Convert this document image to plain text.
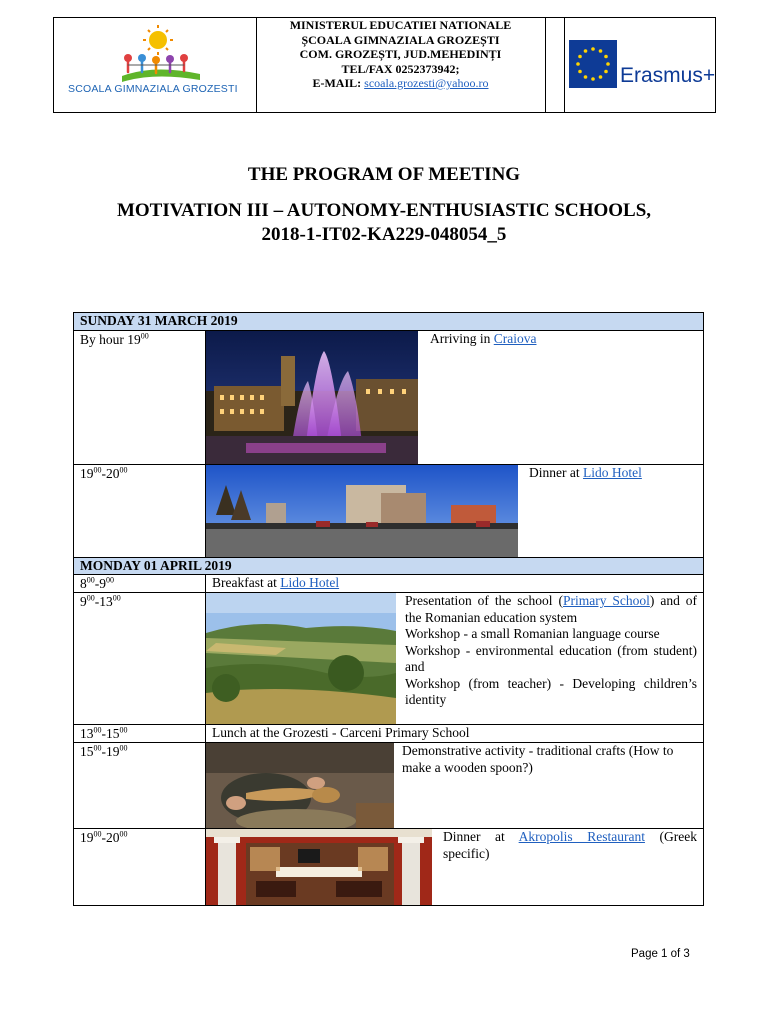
SCOALA GIMNAZIALA GROZESTI
MINISTERUL EDUCATIEI NATIONALE
ȘCOALA GIMNAZIALA GROZEȘTI
COM. GROZEȘTI, JUD.MEHEDINȚI
TEL/FAX 0252373942;
E-MAIL: scoala.grozesti@yahoo.ro	Erasmus+
THE PROGRAM OF MEETING
MOTIVATION III – AUTONOMY-ENTHUSIASTIC SCHOOLS,
2018-1-IT02-KA229-048054_5
SUNDAY 31 MARCH 2019
By hour $19^{00}$	Arriving in Craiova
$19^{00}-20^{00}$	Dinner at Lido Hotel
MONDAY 01 APRIL 2019
$8^{00}-9^{00}$	Breakfast at Lido Hotel
$9^{00}-13^{00}$	Presentation of the school (Primary School) and of the Romanian education system
Workshop - a small Romanian language course
Workshop - environmental education (from student) and
Workshop (from teacher) - Developing children’s identity
$13^{00}-15^{00}$	Lunch at the Grozesti - Carceni Primary School
$15^{00}-19^{00}$	Demonstrative activity - traditional crafts (How to make a wooden spoon?)
$19^{00}-20^{00}$	Dinner at Akropolis Restaurant (Greek specific)
Page 1 of 3
